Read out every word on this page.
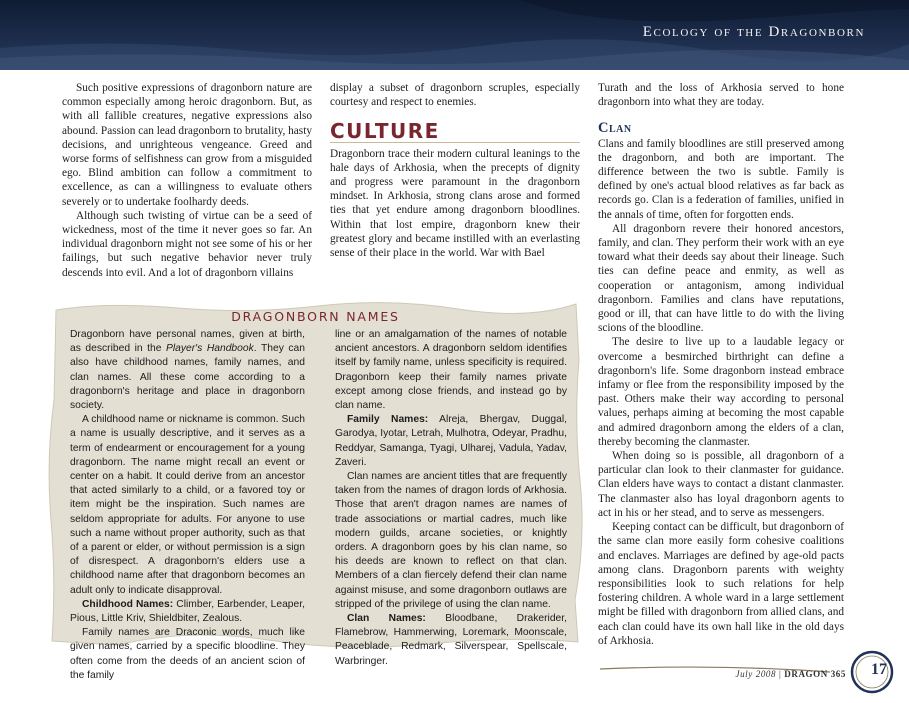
Ecology of the Dragonborn

Such positive expressions of dragonborn nature are common especially among heroic dragonborn. But, as with all fallible creatures, negative expressions also abound. Passion can lead dragonborn to brutality, hasty decisions, and unrighteous vengeance. Greed and worse forms of selfishness can grow from a misguided ego. Blind ambition can follow a commitment to excellence, as can a willingness to evaluate others severely or to undertake foolhardy deeds.

Although such twisting of virtue can be a seed of wickedness, most of the time it never goes so far. An individual dragonborn might not see some of his or her failings, but such negative behavior never truly descends into evil. And a lot of dragonborn villains

display a subset of dragonborn scruples, especially courtesy and respect to enemies.

CULTURE

Dragonborn trace their modern cultural leanings to the hale days of Arkhosia, when the precepts of dignity and progress were paramount in the dragonborn mindset. In Arkhosia, strong clans arose and formed ties that yet endure among dragonborn bloodlines. Within that lost empire, dragonborn knew their greatest glory and became instilled with an everlasting sense of their place in the world. War with Bael

Turath and the loss of Arkhosia served to hone dragonborn into what they are today.

Clan

Clans and family bloodlines are still preserved among the dragonborn, and both are important. The difference between the two is subtle. Family is defined by one's actual blood relatives as far back as records go. Clan is a federation of families, unified in the annals of time, often for forgotten ends.

All dragonborn revere their honored ancestors, family, and clan. They perform their work with an eye toward what their deeds say about their lineage. Such ties can define peace and enmity, as well as cooperation or antagonism, among individual dragonborn. Families and clans have reputations, good or ill, that can have little to do with the living scions of the bloodline.

The desire to live up to a laudable legacy or overcome a besmirched birthright can define a dragonborn's life. Some dragonborn instead embrace infamy or flee from the responsibility imposed by the past. Others make their way according to personal values, perhaps aiming at becoming the most capable and admired dragonborn among the elders of a clan, thereby becoming the clanmaster.

When doing so is possible, all dragonborn of a particular clan look to their clanmaster for guidance. Clan elders have ways to contact a distant clanmaster. The clanmaster also has loyal dragonborn agents to act in his or her stead, and to serve as messengers.

Keeping contact can be difficult, but dragonborn of the same clan more easily form cohesive coalitions and enclaves. Marriages are defined by age-old pacts among clans. Dragonborn parents with weighty responsibilities look to such relations for help fostering children. A whole ward in a large settlement might be filled with dragonborn from allied clans, and each clan could have its own hall like in the old days of Arkhosia.

DRAGONBORN NAMES

Dragonborn have personal names, given at birth, as described in the Player's Handbook. They can also have childhood names, family names, and clan names. All these come according to a dragonborn's heritage and place in dragonborn society.

A childhood name or nickname is common. Such a name is usually descriptive, and it serves as a term of endearment or encouragement for a young dragonborn. The name might recall an event or center on a habit. It could derive from an ancestor that acted similarly to a child, or a favored toy or item might be the inspiration. Such names are seldom appropriate for adults. For anyone to use such a name without proper authority, such as that of a parent or elder, or without permission is a sign of disrespect. A dragonborn's elders use a childhood name after that dragonborn becomes an adult only to indicate disapproval.

Childhood Names: Climber, Earbender, Leaper, Pious, Little Kriv, Shieldbiter, Zealous.

Family names are Draconic words, much like given names, carried by a specific bloodline. They often come from the deeds of an ancient scion of the family

line or an amalgamation of the names of notable ancient ancestors. A dragonborn seldom identifies itself by family name, unless specificity is required. Dragonborn keep their family names private except among close friends, and instead go by clan name.

Family Names: Alreja, Bhergav, Duggal, Garodya, Iyotar, Letrah, Mulhotra, Odeyar, Pradhu, Reddyar, Samanga, Tyagi, Ulharej, Vadula, Yadav, Zaveri.

Clan names are ancient titles that are frequently taken from the names of dragon lords of Arkhosia. Those that aren't dragon names are names of trade associations or martial cadres, much like modern guilds, arcane societies, or knightly orders. A dragonborn goes by his clan name, so his deeds are known to reflect on that clan. Members of a clan fiercely defend their clan name against misuse, and some dragonborn outlaws are stripped of the privilege of using the clan name.

Clan Names: Bloodbane, Drakerider, Flamebrow, Hammerwing, Loremark, Moonscale, Peaceblade, Redmark, Silverspear, Spellscale, Warbringer.

July 2008 | DRAGON 365 17
